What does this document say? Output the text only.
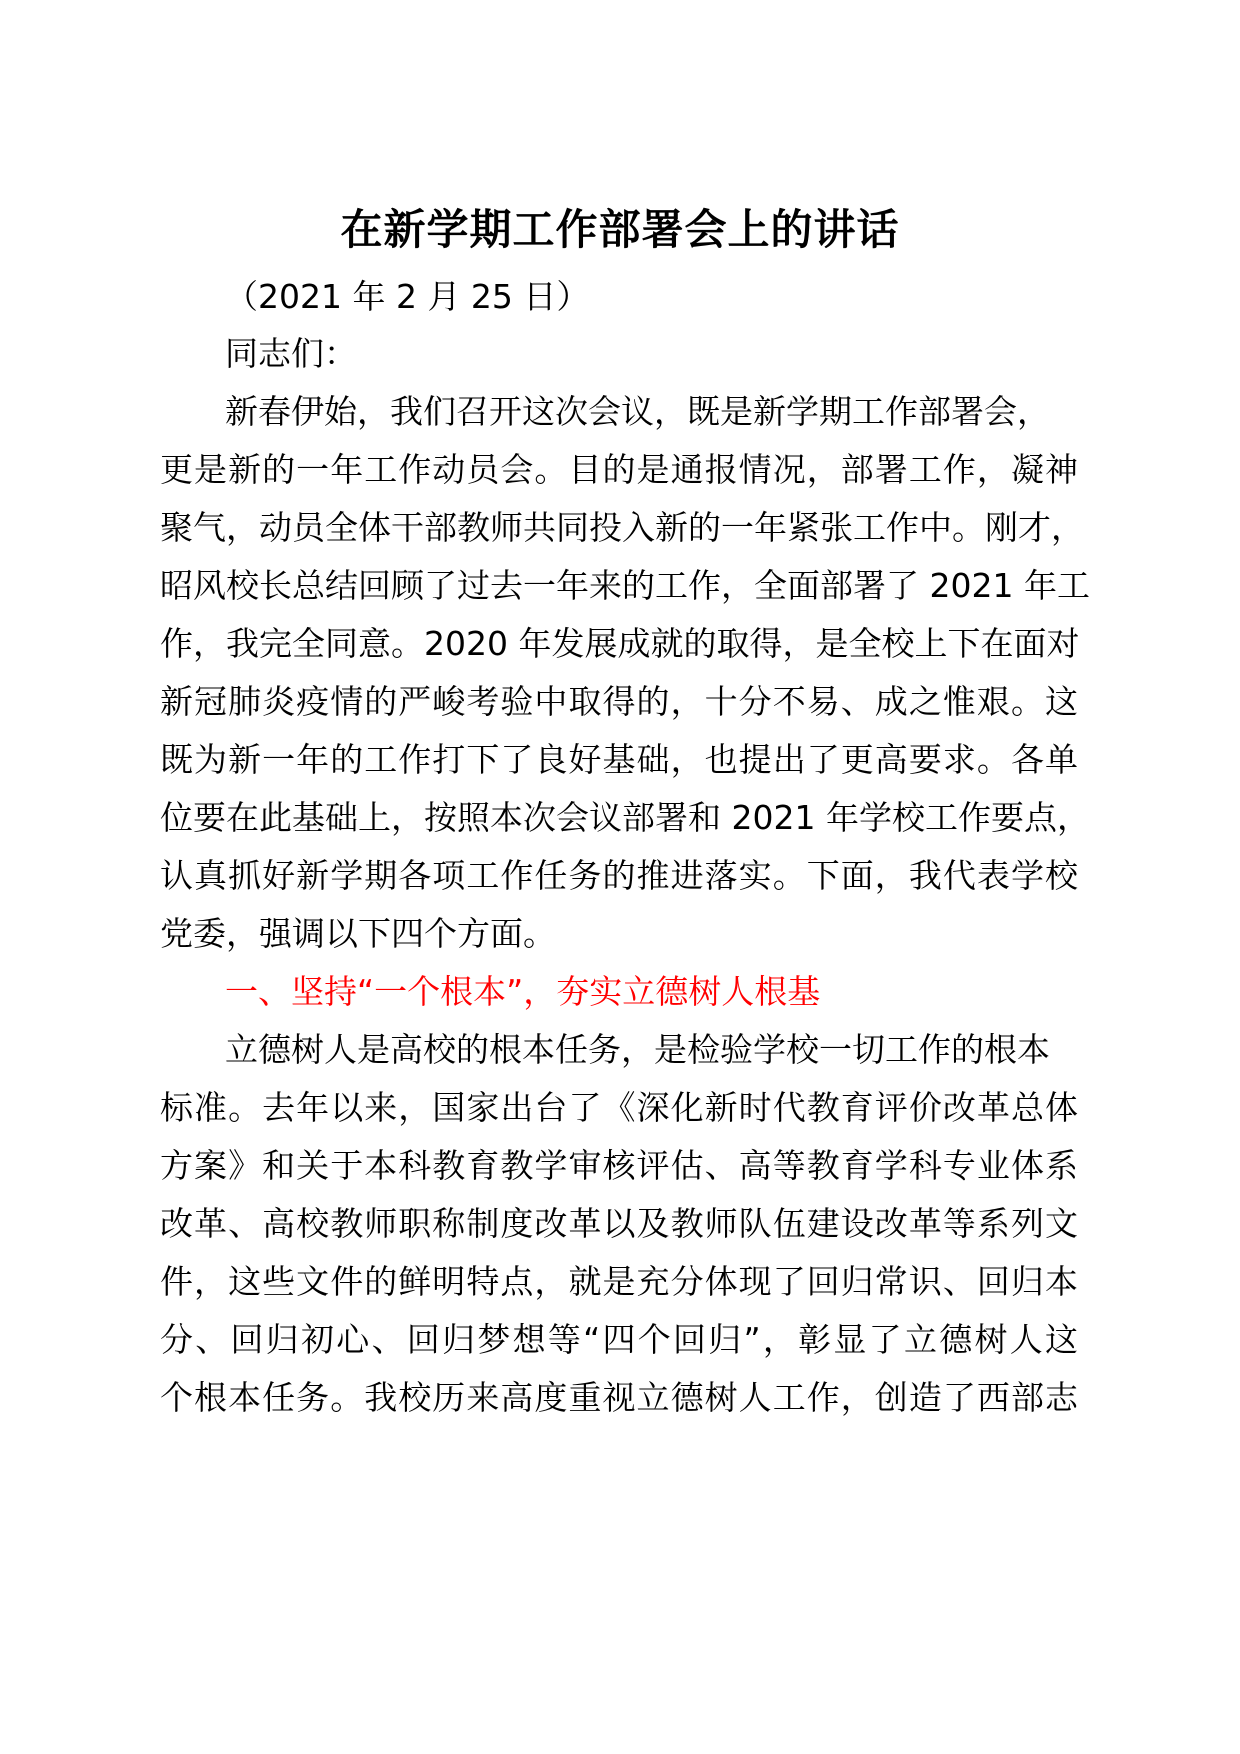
在新学期工作部署会上的讲话
（2021 年 2 月 25 日）
同志们：
新春伊始，我们召开这次会议，既是新学期工作部署会，
更是新的一年工作动员会。目的是通报情况，部署工作，凝神
聚气，动员全体干部教师共同投入新的一年紧张工作中。刚才，
昭风校长总结回顾了过去一年来的工作，全面部署了 2021 年工
作，我完全同意。2020 年发展成就的取得，是全校上下在面对
新冠肺炎疫情的严峻考验中取得的，十分不易、成之惟艰。这
既为新一年的工作打下了良好基础，也提出了更高要求。各单
位要在此基础上，按照本次会议部署和 2021 年学校工作要点，
认真抓好新学期各项工作任务的推进落实。下面，我代表学校
党委，强调以下四个方面。
一、坚持“一个根本”，夯实立德树人根基
立德树人是高校的根本任务，是检验学校一切工作的根本
标准。去年以来，国家出台了《深化新时代教育评价改革总体
方案》和关于本科教育教学审核评估、高等教育学科专业体系
改革、高校教师职称制度改革以及教师队伍建设改革等系列文
件，这些文件的鲜明特点，就是充分体现了回归常识、回归本
分、回归初心、回归梦想等“四个回归”，彰显了立德树人这
个根本任务。我校历来高度重视立德树人工作，创造了西部志
